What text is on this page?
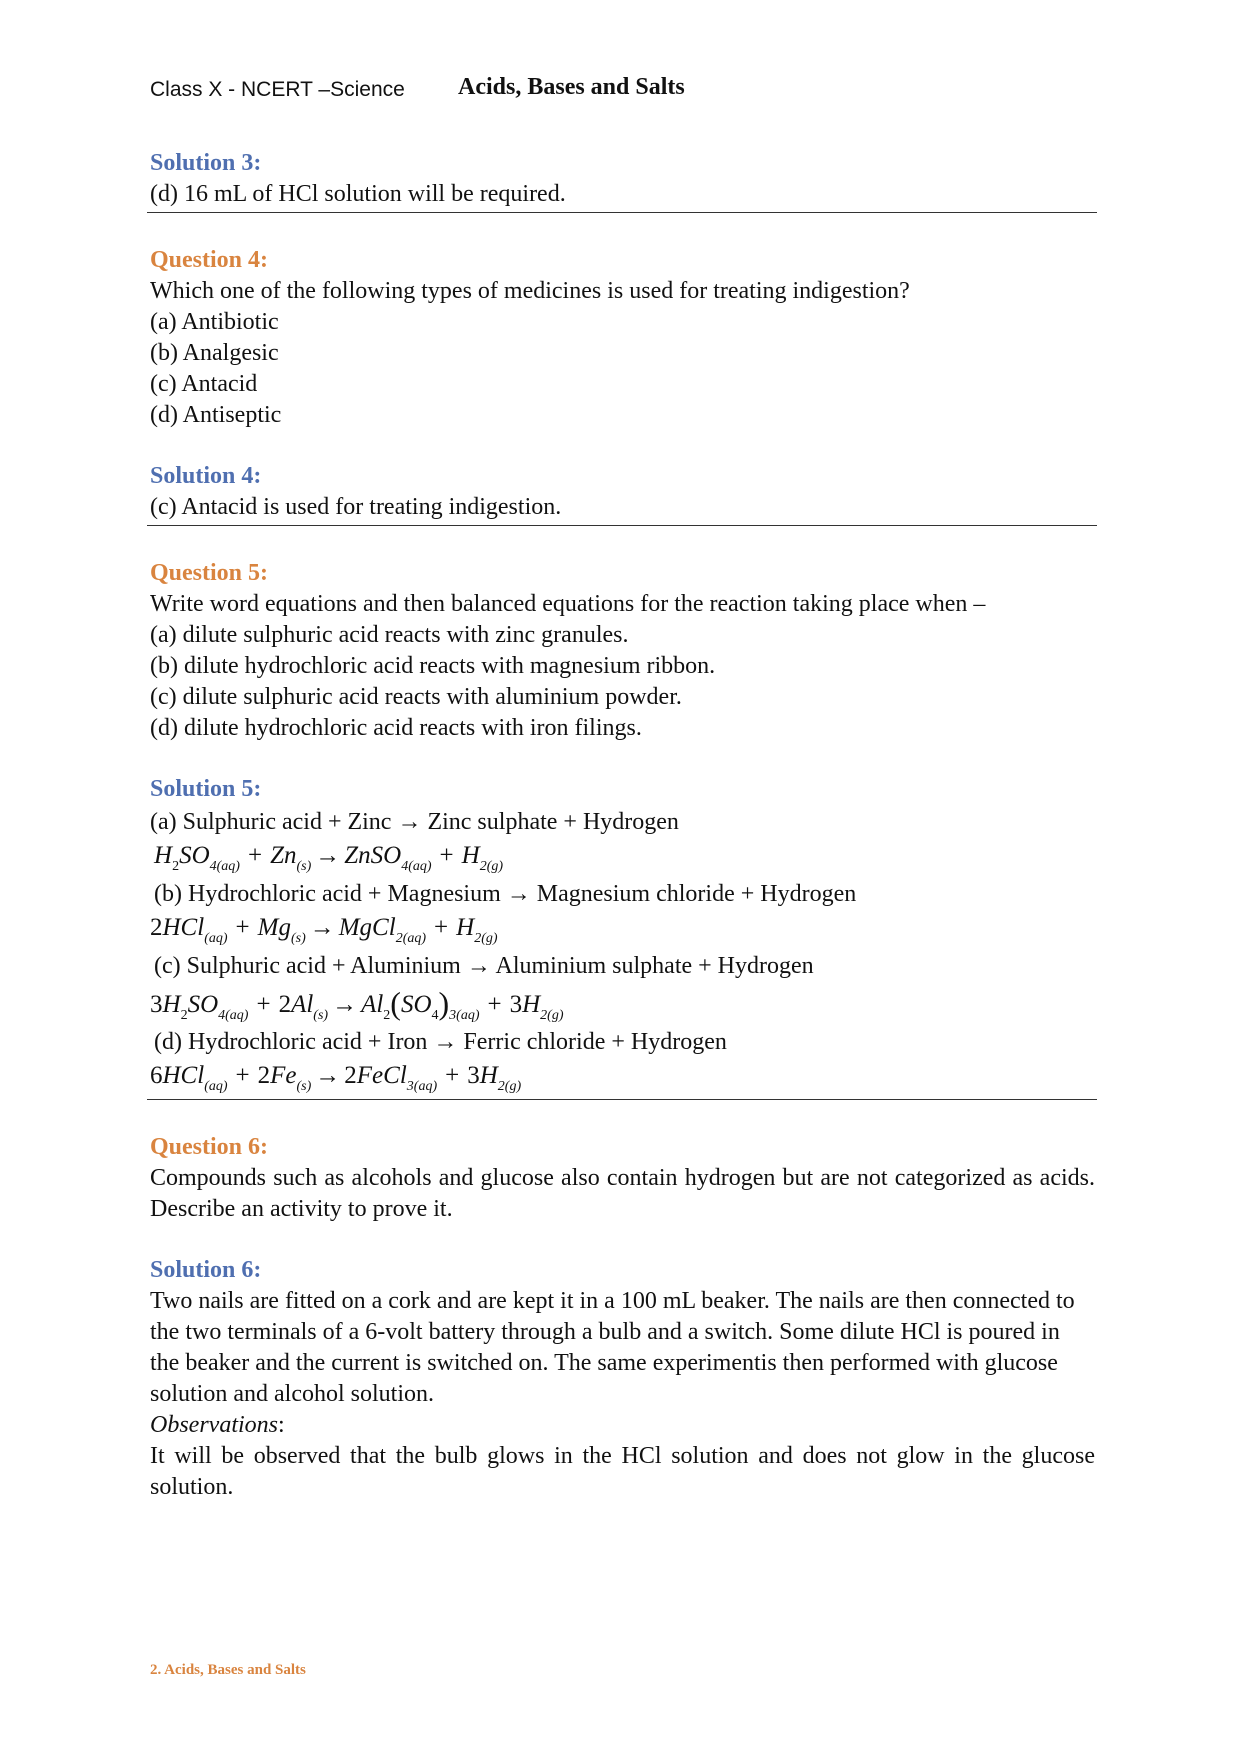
Class X - NCERT –Science Acids, Bases and Salts
Solution 3:

(d) 16 mL of HCl solution will be required.

Question 4:

Which one of the following types of medicines is used for treating indigestion?

(a) Antibiotic
(b) Analgesic
(c) Antacid
(d) Antiseptic
Solution 4:

(c) Antacid is used for treating indigestion.

Question 5:

Write word equations and then balanced equations for the reaction taking place when –

(a) dilute sulphuric acid reacts with zinc granules.
(b) dilute hydrochloric acid reacts with magnesium ribbon.
(c) dilute sulphuric acid reacts with aluminium powder.
(d) dilute hydrochloric acid reacts with iron filings.
Solution 5:
(a) Sulphuric acid + Zinc → Zinc sulphate + Hydrogen
$H_2SO_{4(aq)} + Zn_{(s)}$ → ZnSO$_{4(aq)}$ + $H_{2(g)}$
(b) Hydrochloric acid + Magnesium → Magnesium chloride + Hydrogen
$2HCl_{(aq)} + Mg_{(s)}$ → MgCl$_{2(aq)}$ + $H_{2(g)}$
(c) Sulphuric acid + Aluminium → Aluminium sulphate + Hydrogen
$3H_2SO_{4(aq)} + 2Al_{(s)} \to Al_2(SO_4)_{3(aq)} + 3H_{2(g)}$
(d) Hydrochloric acid + Iron → Ferric chloride + Hydrogen
$6HCl_{(aq)} + 2Fe_{(s)}$ → 2FeCl$_{3(aq)}$ + $3H_{2(g)}$
Question 6:

Compounds such as alcohols and glucose also contain hydrogen but are not categorized as acids. Describe an activity to prove it.

Solution 6:

Two nails are fitted on a cork and are kept it in a 100 mL beaker. The nails are then connected to the two terminals of a 6-volt battery through a bulb and a switch. Some dilute HCl is poured in the beaker and the current is switched on. The same experimentis then performed with glucose solution and alcohol solution.

Observations:

It will be observed that the bulb glows in the HCl solution and does not glow in the glucose solution.

2. Acids, Bases and Salts
